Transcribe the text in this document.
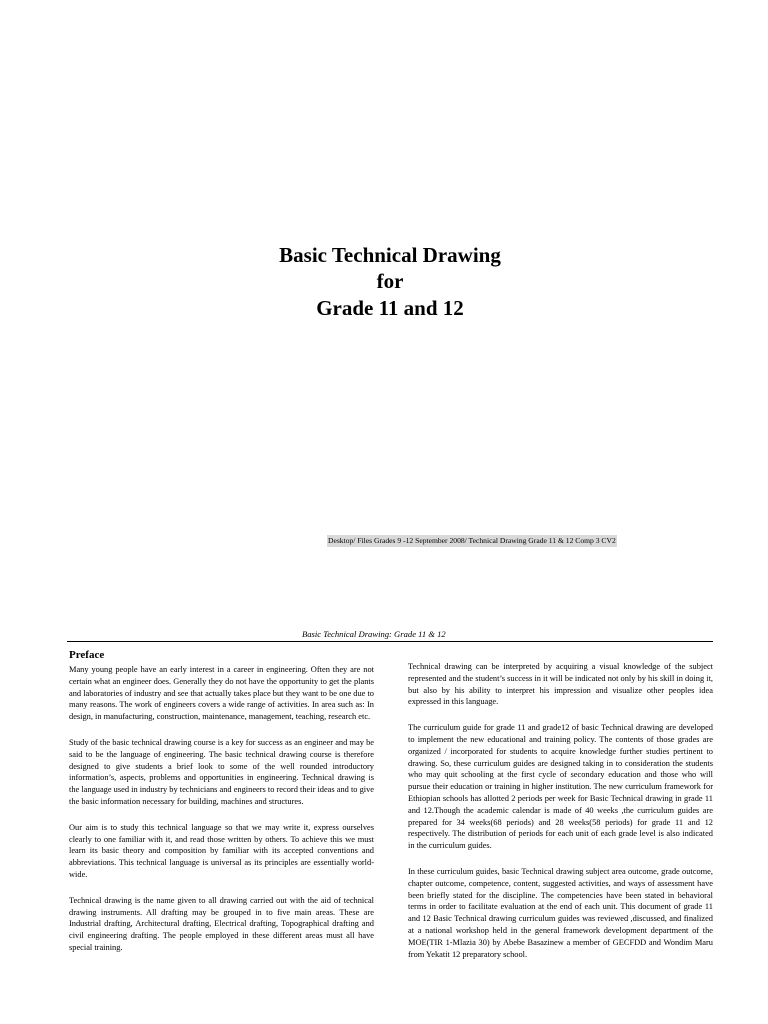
Basic Technical Drawing
for
Grade 11 and 12
Desktop/ Files Grades 9 -12 September 2008/ Technical Drawing Grade 11 & 12 Comp 3 CV2
Basic Technical Drawing: Grade 11 & 12
Preface

Many young people have an early interest in a career in engineering. Often they are not certain what an engineer does. Generally they do not have the opportunity to get the plants and laboratories of industry and see that actually takes place but they want to be one due to many reasons. The work of engineers covers a wide range of activities. In area such as: In design, in manufacturing, construction, maintenance, management, teaching, research etc.

Study of the basic technical drawing course is a key for success as an engineer and may be said to be the language of engineering. The basic technical drawing course is therefore designed to give students a brief look to some of the well rounded introductory information’s, aspects, problems and opportunities in engineering. Technical drawing is the language used in industry by technicians and engineers to record their ideas and to give the basic information necessary for building, machines and structures.

Our aim is to study this technical language so that we may write it, express ourselves clearly to one familiar with it, and read those written by others. To achieve this we must learn its basic theory and composition by familiar with its accepted conventions and abbreviations. This technical language is universal as its principles are essentially world-wide.

Technical drawing is the name given to all drawing carried out with the aid of technical drawing instruments. All drafting may be grouped in to five main areas. These are Industrial drafting, Architectural drafting, Electrical drafting, Topographical drafting and civil engineering drafting. The people employed in these different areas must all have special training.

Technical drawing can be interpreted by acquiring a visual knowledge of the subject represented and the student’s success in it will be indicated not only by his skill in doing it, but also by his ability to interpret his impression and visualize other peoples idea expressed in this language.

The curriculum guide for grade 11 and grade12 of basic Technical drawing are developed to implement the new educational and training policy. The contents of those grades are organized / incorporated for students to acquire knowledge further studies pertinent to drawing. So, these curriculum guides are designed taking in to consideration the students who may quit schooling at the first cycle of secondary education and those who will pursue their education or training in higher institution. The new curriculum framework for Ethiopian schools has allotted 2 periods per week for Basic Technical drawing in grade 11 and 12.Though the academic calendar is made of 40 weeks ,the curriculum guides are prepared for 34 weeks(68 periods) and 28 weeks(58 periods) for grade 11 and 12 respectively. The distribution of periods for each unit of each grade level is also indicated in the curriculum guides.

In these curriculum guides, basic Technical drawing subject area outcome, grade outcome, chapter outcome, competence, content, suggested activities, and ways of assessment have been briefly stated for the discipline. The competencies have been stated in behavioral terms in order to facilitate evaluation at the end of each unit. This document of grade 11 and 12 Basic Technical drawing curriculum guides was reviewed ,discussed, and finalized at a national workshop held in the general framework development department of the MOE(TIR 1-Mlazia 30) by Abebe Basazinew a member of GECFDD and Wondim Maru from Yekatit 12 preparatory school.
